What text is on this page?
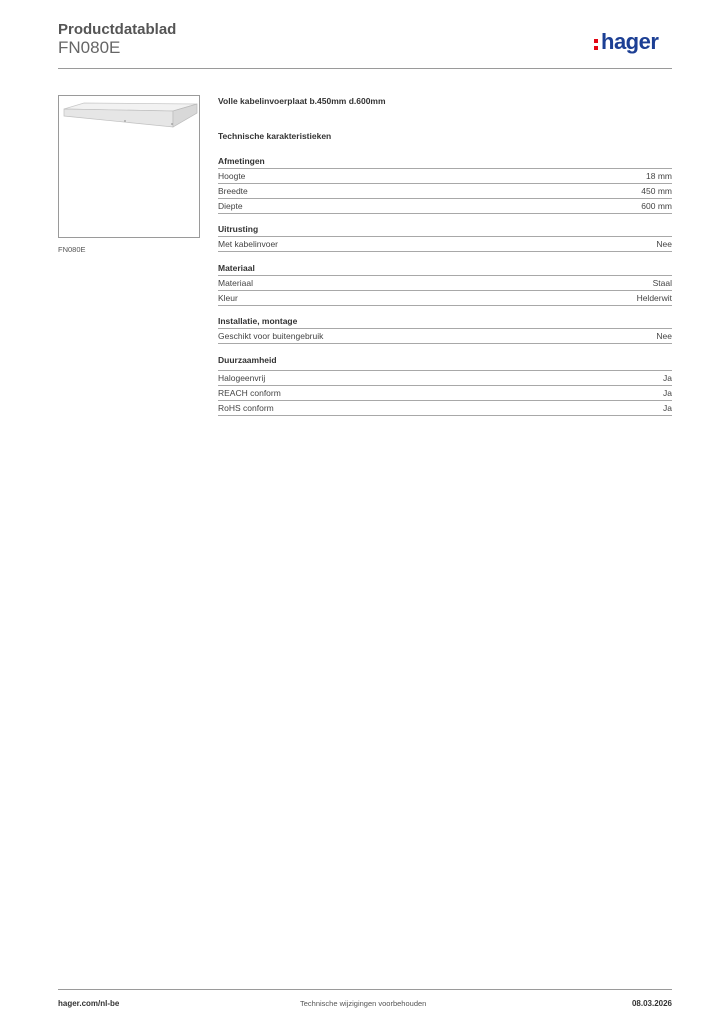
Productdatablad
FN080E	hager
FN080E
Volle kabelinvoerplaat b.450mm d.600mm
Technische karakteristieken
Afmetingen
Hoogte	18 mm
Breedte	450 mm
Diepte	600 mm
Uitrusting
Met kabelinvoer	Nee
Materiaal
Materiaal	Staal
Kleur	Helderwit
Installatie, montage
Geschikt voor buitengebruik	Nee
Duurzaamheid
Halogeenvrij	Ja
REACH conform	Ja
RoHS conform	Ja
hager.com/nl-be	Technische wijzigingen voorbehouden	08.03.2026
